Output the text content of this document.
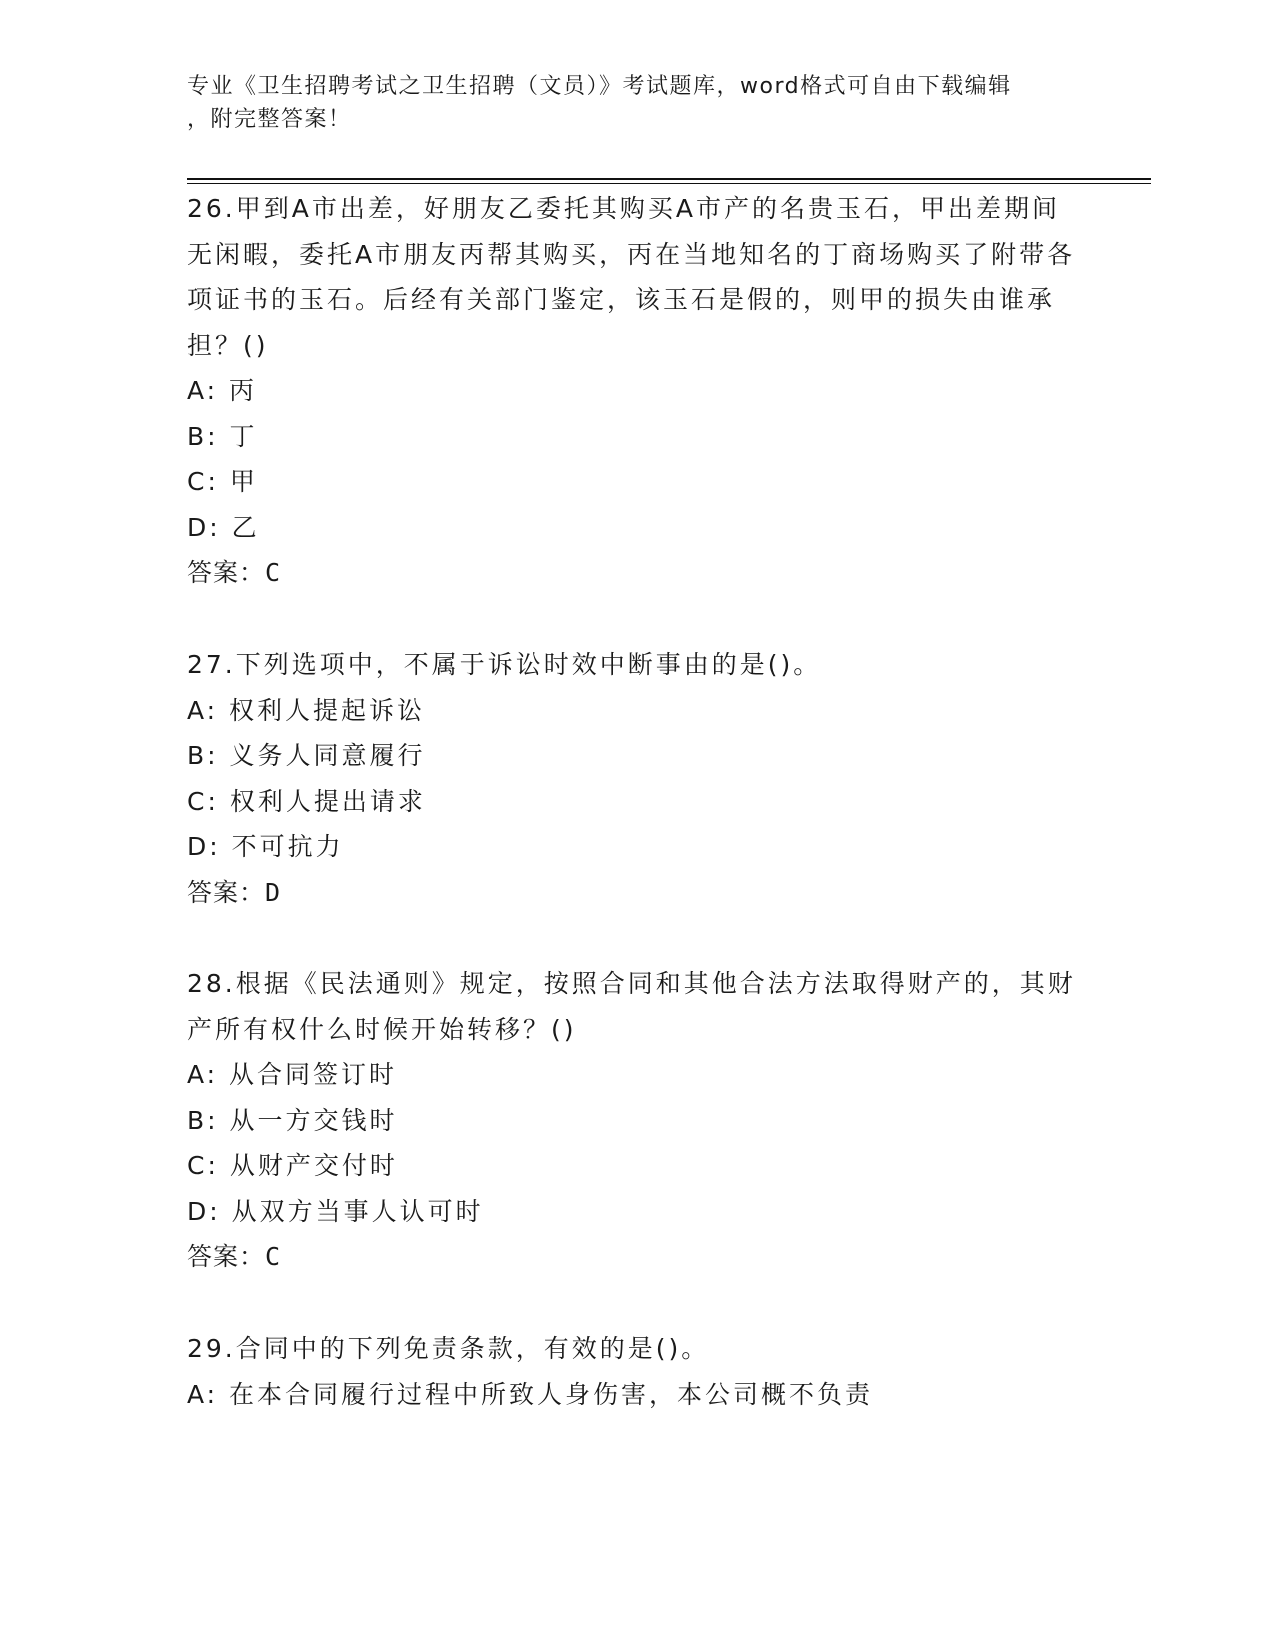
专业《卫生招聘考试之卫生招聘（文员）》考试题库，word格式可自由下载编辑
，附完整答案！
26.甲到A市出差，好朋友乙委托其购买A市产的名贵玉石，甲出差期间无闲暇，委托A市朋友丙帮其购买，丙在当地知名的丁商场购买了附带各项证书的玉石。后经有关部门鉴定，该玉石是假的，则甲的损失由谁承担？()
A: 丙
B: 丁
C: 甲
D: 乙
答案：C
27.下列选项中，不属于诉讼时效中断事由的是()。
A: 权利人提起诉讼
B: 义务人同意履行
C: 权利人提出请求
D: 不可抗力
答案：D
28.根据《民法通则》规定，按照合同和其他合法方法取得财产的，其财产所有权什么时候开始转移？()
A: 从合同签订时
B: 从一方交钱时
C: 从财产交付时
D: 从双方当事人认可时
答案：C
29.合同中的下列免责条款，有效的是()。
A: 在本合同履行过程中所致人身伤害，本公司概不负责
